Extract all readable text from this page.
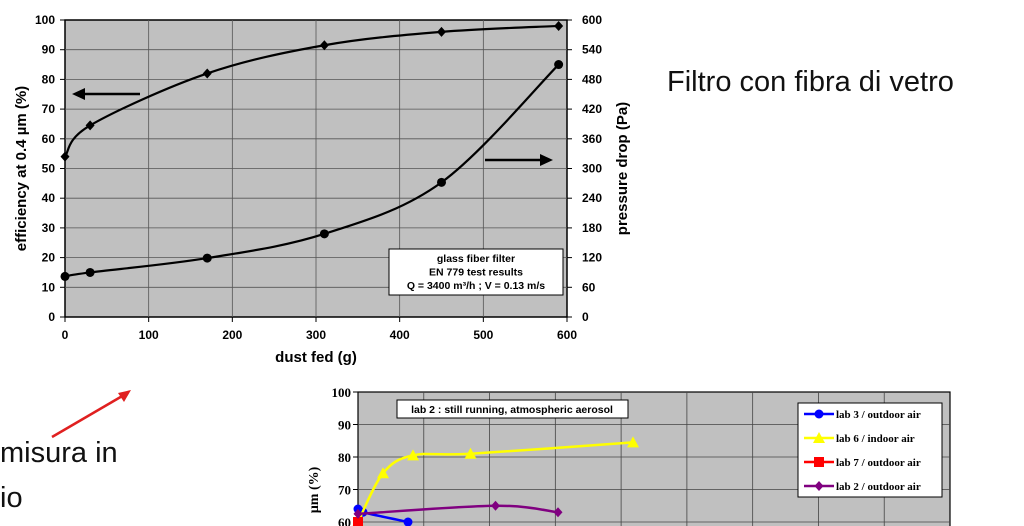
0
10
20
30
40
50
60
70
80
90
100
0	100	200	300	400	500	600
0
60
120
180
240
300
360
420
480
540
600
dust fed (g)
efficiency at 0.4 µm (%)	pressure drop (Pa)
glass fiber filter
EN 779 test results
Q = 3400 m³/h ; V = 0.13 m/s
60
70
80
90
100
µm (%)
lab 2 : still running, atmospheric aerosol	lab 3 / outdoor air
lab 6 / indoor air
lab 7 / outdoor air
lab 2 / outdoor air
Filtro con fibra di vetro
misura in
io
